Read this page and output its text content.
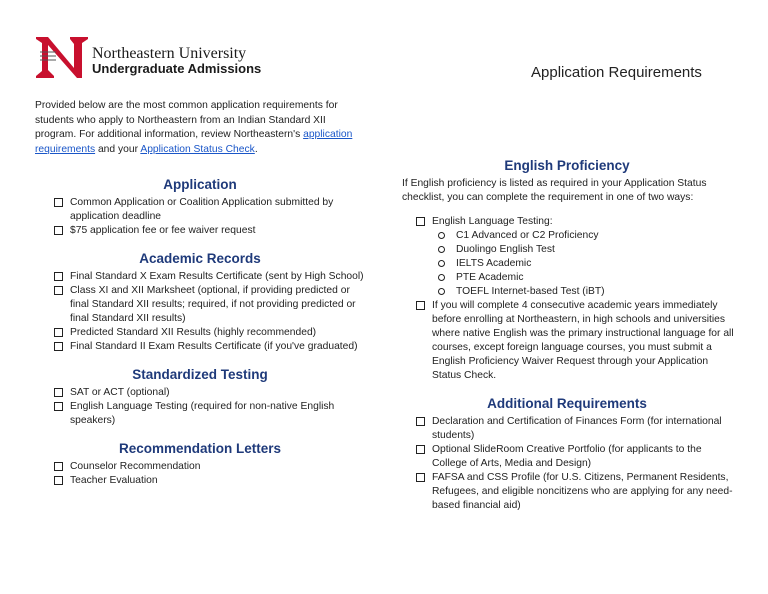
Northeastern University
Undergraduate Admissions	Application Requirements
Provided below are the most common application requirements for students who apply to Northeastern from an Indian Standard XII program. For additional information, review Northeastern's application requirements and your Application Status Check.
Application
Common Application or Coalition Application submitted by application deadline
$75 application fee or fee waiver request
Academic Records
Final Standard X Exam Results Certificate (sent by High School)
Class XI and XII Marksheet (optional, if providing predicted or final Standard XII results; required, if not providing predicted or final Standard XII results)
Predicted Standard XII Results (highly recommended)
Final Standard II Exam Results Certificate (if you've graduated)
Standardized Testing
SAT or ACT (optional)
English Language Testing (required for non-native English speakers)
Recommendation Letters
Counselor Recommendation
Teacher Evaluation
English Proficiency

If English proficiency is listed as required in your Application Status checklist, you can complete the requirement in one of two ways:

English Language Testing:
C1 Advanced or C2 Proficiency
Duolingo English Test
IELTS Academic
PTE Academic
TOEFL Internet-based Test (iBT)
If you will complete 4 consecutive academic years immediately before enrolling at Northeastern, in high schools and universities where native English was the primary instructional language for all courses, except foreign language courses, you must submit a English Proficiency Waiver Request through your Application Status Check.
Additional Requirements
Declaration and Certification of Finances Form (for international students)
Optional SlideRoom Creative Portfolio (for applicants to the College of Arts, Media and Design)
FAFSA and CSS Profile (for U.S. Citizens, Permanent Residents, Refugees, and eligible noncitizens who are applying for any need-based financial aid)
